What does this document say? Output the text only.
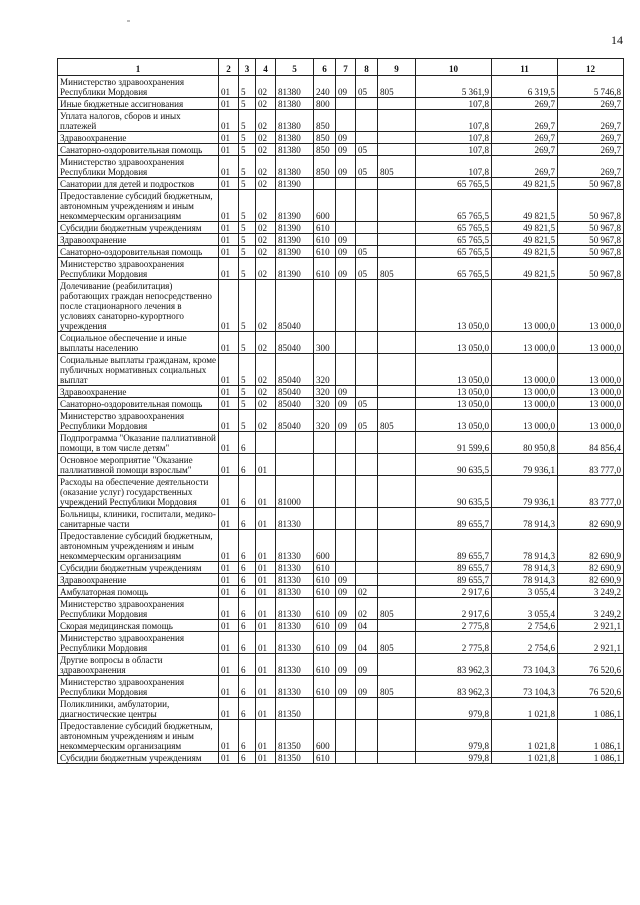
14
1	2	3	4	5	6	7	8	9	10	11	12
Министерство здравоохранения Республики Мордовия	01	5	02	81380	240	09	05	805	5 361,9	6 319,5	5 746,8
Иные бюджетные ассигнования	01	5	02	81380	800				107,8	269,7	269,7
Уплата налогов, сборов и иных платежей	01	5	02	81380	850				107,8	269,7	269,7
Здравоохранение	01	5	02	81380	850	09			107,8	269,7	269,7
Санаторно-оздоровительная помощь	01	5	02	81380	850	09	05		107,8	269,7	269,7
Министерство здравоохранения Республики Мордовия	01	5	02	81380	850	09	05	805	107,8	269,7	269,7
Санатории для детей и подростков	01	5	02	81390					65 765,5	49 821,5	50 967,8
Предоставление субсидий бюджетным, автономным учреждениям и иным некоммерческим организациям	01	5	02	81390	600				65 765,5	49 821,5	50 967,8
Субсидии бюджетным учреждениям	01	5	02	81390	610				65 765,5	49 821,5	50 967,8
Здравоохранение	01	5	02	81390	610	09			65 765,5	49 821,5	50 967,8
Санаторно-оздоровительная помощь	01	5	02	81390	610	09	05		65 765,5	49 821,5	50 967,8
Министерство здравоохранения Республики Мордовия	01	5	02	81390	610	09	05	805	65 765,5	49 821,5	50 967,8
Долечивание (реабилитация) работающих граждан непосредственно после стационарного лечения в условиях санаторно-курортного учреждения	01	5	02	85040					13 050,0	13 000,0	13 000,0
Социальное обеспечение и иные выплаты населению	01	5	02	85040	300				13 050,0	13 000,0	13 000,0
Социальные выплаты гражданам, кроме публичных нормативных социальных выплат	01	5	02	85040	320				13 050,0	13 000,0	13 000,0
Здравоохранение	01	5	02	85040	320	09			13 050,0	13 000,0	13 000,0
Санаторно-оздоровительная помощь	01	5	02	85040	320	09	05		13 050,0	13 000,0	13 000,0
Министерство здравоохранения Республики Мордовия	01	5	02	85040	320	09	05	805	13 050,0	13 000,0	13 000,0
Подпрограмма "Оказание паллиативной помощи, в том числе детям"	01	6							91 599,6	80 950,8	84 856,4
Основное мероприятие "Оказание паллиативной помощи взрослым"	01	6	01						90 635,5	79 936,1	83 777,0
Расходы на обеспечение деятельности (оказание услуг) государственных учреждений Республики Мордовия	01	6	01	81000					90 635,5	79 936,1	83 777,0
Больницы, клиники, госпитали, медико-санитарные части	01	6	01	81330					89 655,7	78 914,3	82 690,9
Предоставление субсидий бюджетным, автономным учреждениям и иным некоммерческим организациям	01	6	01	81330	600				89 655,7	78 914,3	82 690,9
Субсидии бюджетным учреждениям	01	6	01	81330	610				89 655,7	78 914,3	82 690,9
Здравоохранение	01	6	01	81330	610	09			89 655,7	78 914,3	82 690,9
Амбулаторная помощь	01	6	01	81330	610	09	02		2 917,6	3 055,4	3 249,2
Министерство здравоохранения Республики Мордовия	01	6	01	81330	610	09	02	805	2 917,6	3 055,4	3 249,2
Скорая медицинская помощь	01	6	01	81330	610	09	04		2 775,8	2 754,6	2 921,1
Министерство здравоохранения Республики Мордовия	01	6	01	81330	610	09	04	805	2 775,8	2 754,6	2 921,1
Другие вопросы в области здравоохранения	01	6	01	81330	610	09	09		83 962,3	73 104,3	76 520,6
Министерство здравоохранения Республики Мордовия	01	6	01	81330	610	09	09	805	83 962,3	73 104,3	76 520,6
Поликлиники, амбулатории, диагностические центры	01	6	01	81350					979,8	1 021,8	1 086,1
Предоставление субсидий бюджетным, автономным учреждениям и иным некоммерческим организациям	01	6	01	81350	600				979,8	1 021,8	1 086,1
Субсидии бюджетным учреждениям	01	6	01	81350	610				979,8	1 021,8	1 086,1
